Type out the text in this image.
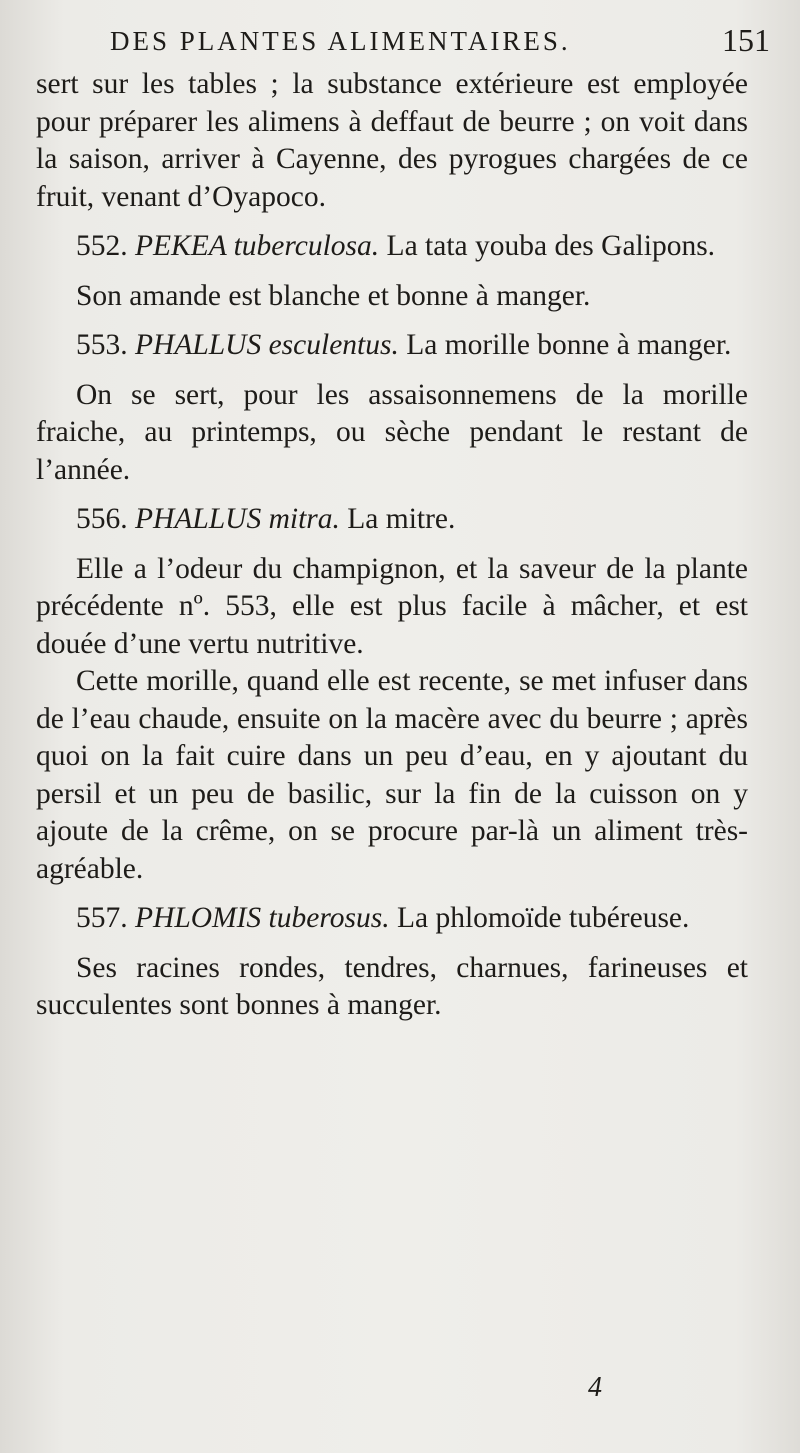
DES PLANTES ALIMENTAIRES.	151

sert sur les tables ; la substance extérieure est employée pour préparer les alimens à deffaut de beurre ; on voit dans la saison, arriver à Cayenne, des pyrogues chargées de ce fruit, venant d’Oyapoco.

552. PEKEA tuberculosa. La tata youba des Galipons.

Son amande est blanche et bonne à manger.

553. PHALLUS esculentus. La morille bonne à manger.

On se sert, pour les assaisonnemens de la morille fraiche, au printemps, ou sèche pendant le restant de l’année.

556. PHALLUS mitra. La mitre.

Elle a l’odeur du champignon, et la saveur de la plante précédente nº. 553, elle est plus facile à mâcher, et est douée d’une vertu nutritive.

Cette morille, quand elle est recente, se met infuser dans de l’eau chaude, ensuite on la macère avec du beurre ; après quoi on la fait cuire dans un peu d’eau, en y ajoutant du persil et un peu de basilic, sur la fin de la cuisson on y ajoute de la crême, on se procure par-là un aliment très-agréable.

557. PHLOMIS tuberosus. La phlomoïde tubéreuse.

Ses racines rondes, tendres, charnues, farineuses et succulentes sont bonnes à manger.

4
